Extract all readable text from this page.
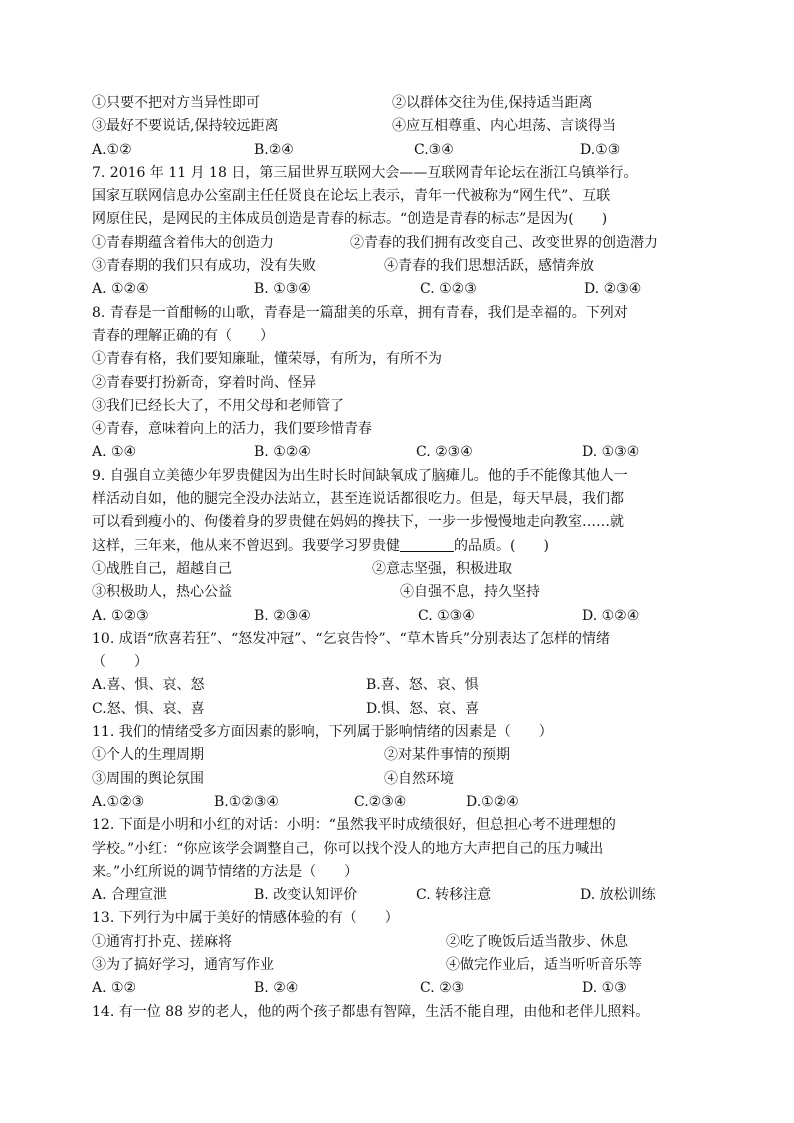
①只要不把对方当异性即可	②以群体交往为佳,保持适当距离
③最好不要说话,保持较远距离	④应互相尊重、内心坦荡、言谈得当
A.①②	B.②④	C.③④	D.①③
7. 2016 年 11 月 18 日，第三届世界互联网大会——互联网青年论坛在浙江乌镇举行。
国家互联网信息办公室副主任任贤良在论坛上表示，青年一代被称为“网生代”、互联
网原住民，是网民的主体成员创造是青春的标志。“创造是青春的标志”是因为(　　)
①青春期蕴含着伟大的创造力	②青春的我们拥有改变自己、改变世界的创造潜力
③青春期的我们只有成功，没有失败	④青春的我们思想活跃，感情奔放
A. ①②④	B. ①③④	C. ①②③	D. ②③④
8. 青春是一首酣畅的山歌，青春是一篇甜美的乐章，拥有青春，我们是幸福的。下列对
青春的理解正确的有（　　）
①青春有格，我们要知廉耻，懂荣辱，有所为，有所不为
②青春要打扮新奇，穿着时尚、怪异
③我们已经长大了，不用父母和老师管了
④青春，意味着向上的活力，我们要珍惜青春
A. ①④	B. ①②④	C. ②③④	D. ①③④
9. 自强自立美德少年罗贵健因为出生时长时间缺氧成了脑瘫儿。他的手不能像其他人一
样活动自如，他的腿完全没办法站立，甚至连说话都很吃力。但是，每天早晨，我们都
可以看到瘦小的、佝偻着身的罗贵健在妈妈的搀扶下，一步一步慢慢地走向教室……就
这样，三年来，他从来不曾迟到。我要学习罗贵健	的品质。(　　)
①战胜自己，超越自己	②意志坚强，积极进取
③积极助人，热心公益	④自强不息，持久坚持
A. ①②③	B. ②③④	C. ①③④	D. ①②④
10. 成语“欣喜若狂”、“怒发冲冠”、“乞哀告怜”、“草木皆兵”分别表达了怎样的情绪
（　　）
A.喜、惧、哀、怒	B.喜、怒、哀、惧
C.怒、惧、哀、喜	D.惧、怒、哀、喜
11. 我们的情绪受多方面因素的影响，下列属于影响情绪的因素是（　　）
①个人的生理周期	②对某件事情的预期
③周围的舆论氛围	④自然环境
A.①②③	B.①②③④	C.②③④	D.①②④
12. 下面是小明和小红的对话：小明：“虽然我平时成绩很好，但总担心考不进理想的
学校。”小红：“你应该学会调整自己，你可以找个没人的地方大声把自己的压力喊出
来。”小红所说的调节情绪的方法是（　　）
A. 合理宣泄	B. 改变认知评价	C. 转移注意	D. 放松训练
13. 下列行为中属于美好的情感体验的有（　　）
①通宵打扑克、搓麻将	②吃了晚饭后适当散步、休息
③为了搞好学习，通宵写作业	④做完作业后，适当听听音乐等
A. ①②	B. ②④	C. ②③	D. ①③
14. 有一位 88 岁的老人，他的两个孩子都患有智障，生活不能自理，由他和老伴儿照料。
